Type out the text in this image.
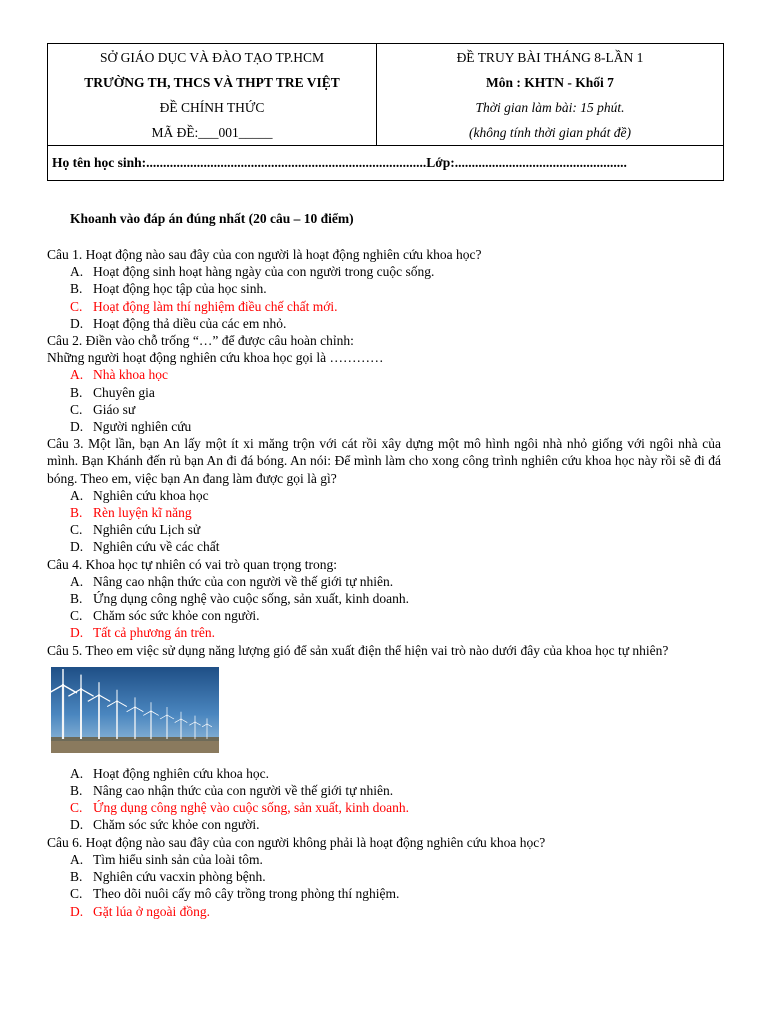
SỞ GIÁO DỤC VÀ ĐÀO TẠO TP.HCM
TRƯỜNG TH, THCS VÀ THPT TRE VIỆT
ĐỀ CHÍNH THỨC
MÃ ĐỀ:___001_____

ĐỀ TRUY BÀI THÁNG 8-LẦN 1
Môn : KHTN - Khối 7
Thời gian làm bài: 15 phút.
(không tính thời gian phát đề)

Họ tên học sinh:...................................................................................Lớp:...................................................
Khoanh vào đáp án đúng nhất (20 câu – 10 điểm)
Câu 1. Hoạt động nào sau đây của con người là hoạt động nghiên cứu khoa học?
A. Hoạt động sinh hoạt hàng ngày của con người trong cuộc sống.
B. Hoạt động học tập của học sinh.
C. Hoạt động làm thí nghiệm điều chế chất mới.
D. Hoạt động thả diều của các em nhỏ.
Câu 2. Điền vào chỗ trống “…” để được câu hoàn chỉnh:
Những người hoạt động nghiên cứu khoa học gọi là …………
A. Nhà khoa học
B. Chuyên gia
C. Giáo sư
D. Người nghiên cứu
Câu 3. Một lần, bạn An lấy một ít xi măng trộn với cát rồi xây dựng một mô hình ngôi nhà nhỏ giống với ngôi nhà của mình. Bạn Khánh đến rủ bạn An đi đá bóng. An nói: Để mình làm cho xong công trình nghiên cứu khoa học này rồi sẽ đi đá bóng. Theo em, việc bạn An đang làm được gọi là gì?
A. Nghiên cứu khoa học
B. Rèn luyện kĩ năng
C. Nghiên cứu Lịch sử
D. Nghiên cứu về các chất
Câu 4. Khoa học tự nhiên có vai trò quan trọng trong:
A. Nâng cao nhận thức của con người về thế giới tự nhiên.
B. Ứng dụng công nghệ vào cuộc sống, sản xuất, kinh doanh.
C. Chăm sóc sức khỏe con người.
D. Tất cả phương án trên.
Câu 5. Theo em việc sử dụng năng lượng gió để sản xuất điện thể hiện vai trò nào dưới đây của khoa học tự nhiên?
A. Hoạt động nghiên cứu khoa học.
B. Nâng cao nhận thức của con người về thế giới tự nhiên.
C. Ứng dụng công nghệ vào cuộc sống, sản xuất, kinh doanh.
D. Chăm sóc sức khỏe con người.
Câu 6. Hoạt động nào sau đây của con người không phải là hoạt động nghiên cứu khoa học?
A. Tìm hiểu sinh sản của loài tôm.
B. Nghiên cứu vacxin phòng bệnh.
C. Theo dõi nuôi cấy mô cây trồng trong phòng thí nghiệm.
D. Gặt lúa ở ngoài đồng.
